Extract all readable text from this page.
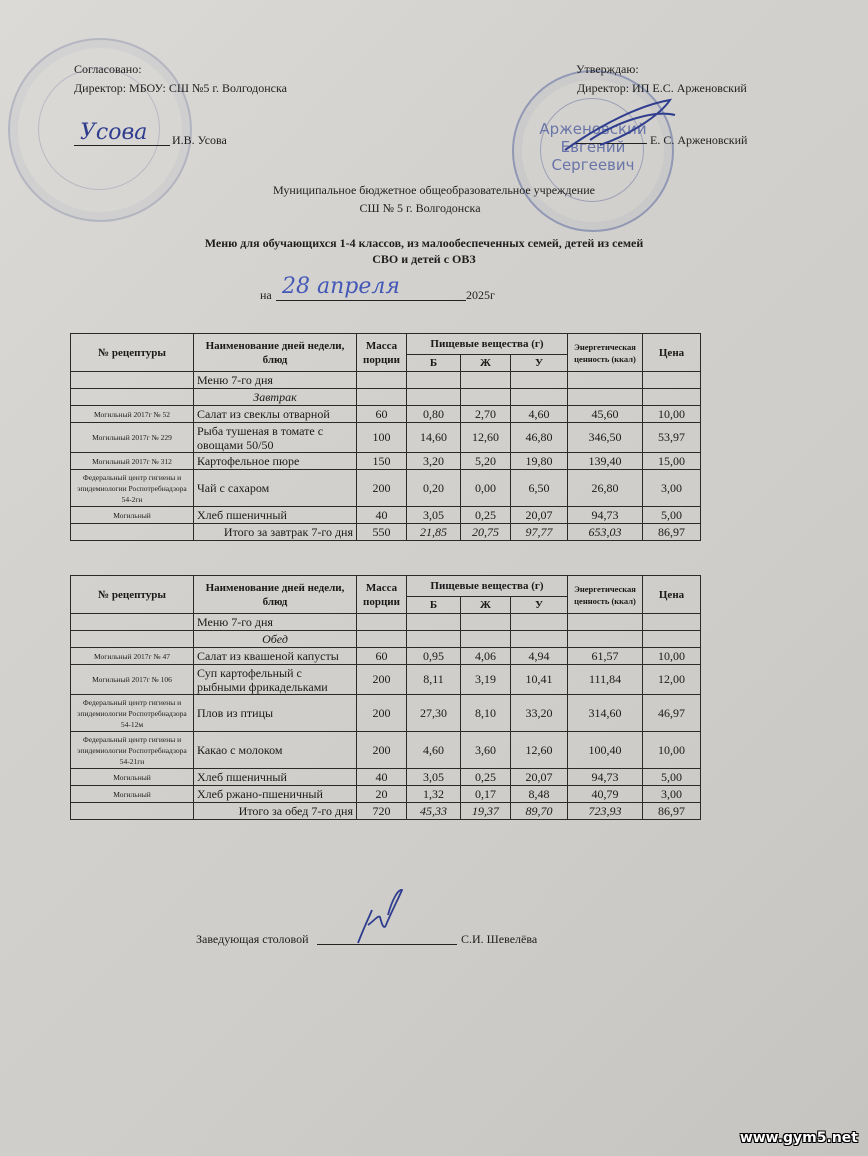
Арженовский
Евгений
Сергеевич
Согласовано:
Директор: МБОУ: СШ №5 г. Волгодонска
Усова И.В. Усова
Утверждаю:
Директор: ИП Е.С. Арженовский
Е. С. Арженовский
Муниципальное бюджетное общеобразовательное учреждение
СШ № 5 г. Волгодонска
Меню для обучающихся 1-4 классов, из малообеспеченных семей, детей из семей
СВО и детей с ОВЗ
на 28 апреля	2025г
№ рецептуры	Наименование дней недели, блюд	Масса порции	Пищевые вещества (г)			Энергетическая ценность (ккал)	Цена
			Б	Ж	У		
	Меню 7-го дня						
	Завтрак						
Могильный 2017г № 52	Салат из свеклы отварной	60	0,80	2,70	4,60	45,60	10,00
Могильный 2017г № 229	Рыба тушеная в томате с овощами 50/50	100	14,60	12,60	46,80	346,50	53,97
Могильный 2017г № 312	Картофельное пюре	150	3,20	5,20	19,80	139,40	15,00
Федеральный центр гигиены и эпидемиологии Роспотребнадзора 54-2гн	Чай с сахаром	200	0,20	0,00	6,50	26,80	3,00
Могильный	Хлеб пшеничный	40	3,05	0,25	20,07	94,73	5,00
	Итого за завтрак 7-го дня	550	21,85	20,75	97,77	653,03	86,97
№ рецептуры	Наименование дней недели, блюд	Масса порции	Пищевые вещества (г)			Энергетическая ценность (ккал)	Цена
			Б	Ж	У		
	Меню 7-го дня						
	Обед						
Могильный 2017г № 47	Салат из квашеной капусты	60	0,95	4,06	4,94	61,57	10,00
Могильный 2017г № 106	Суп картофельный с рыбными фрикадельками	200	8,11	3,19	10,41	111,84	12,00
Федеральный центр гигиены и эпидемиологии Роспотребнадзора 54-12м	Плов из птицы	200	27,30	8,10	33,20	314,60	46,97
Федеральный центр гигиены и эпидемиологии Роспотребнадзора 54-21гн	Какао с молоком	200	4,60	3,60	12,60	100,40	10,00
Могильный	Хлеб пшеничный	40	3,05	0,25	20,07	94,73	5,00
Могильный	Хлеб ржано-пшеничный	20	1,32	0,17	8,48	40,79	3,00
	Итого за обед 7-го дня	720	45,33	19,37	89,70	723,93	86,97
Заведующая столовой	С.И. Шевелёва
www.gym5.net
